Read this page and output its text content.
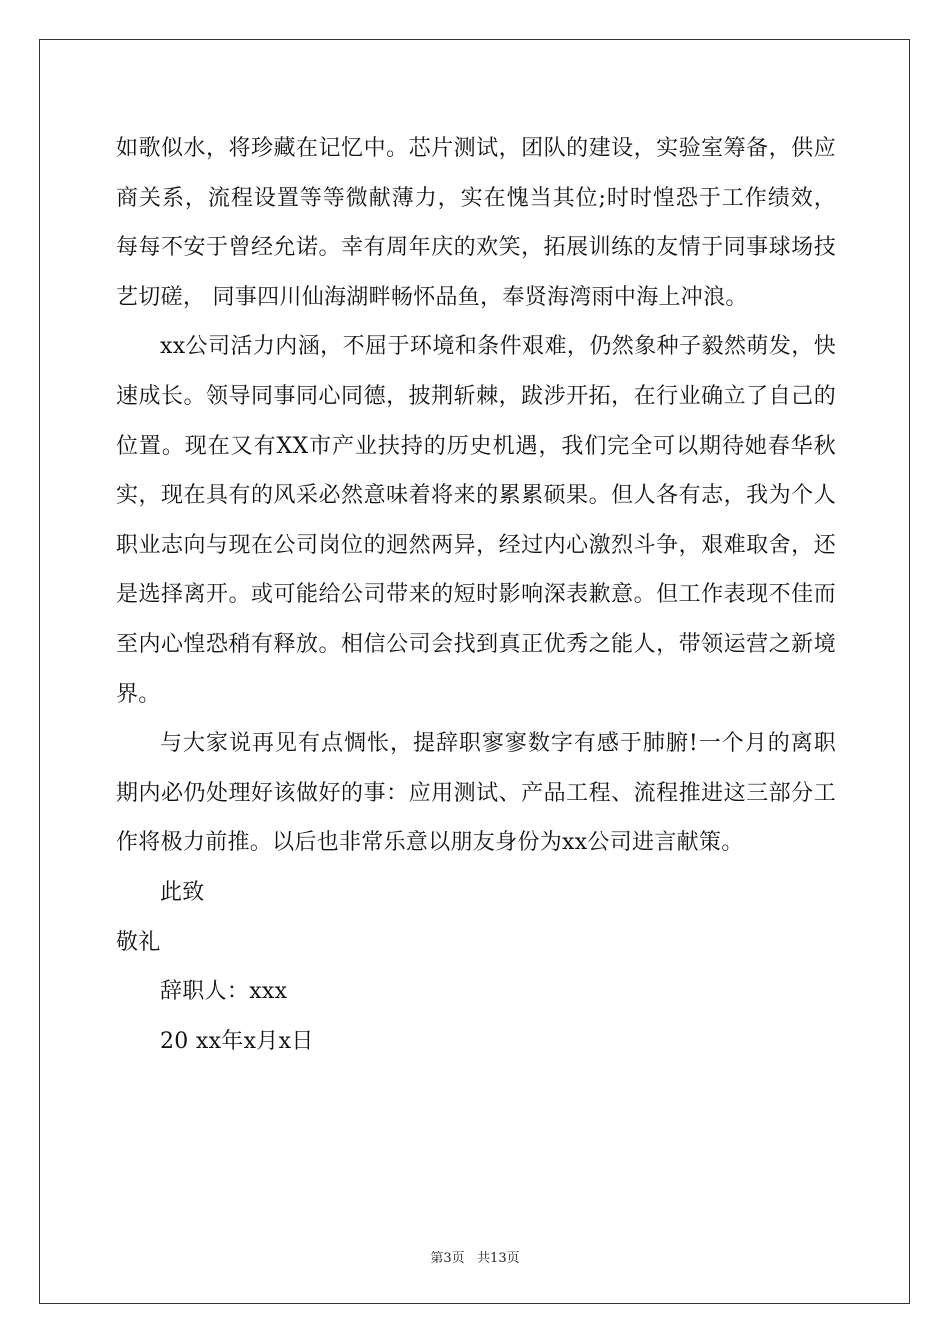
如歌似水，将珍藏在记忆中。芯片测试，团队的建设，实验室筹备，供应商关系，流程设置等等微献薄力，实在愧当其位;时时惶恐于工作绩效，每每不安于曾经允诺。幸有周年庆的欢笑，拓展训练的友情于同事球场技艺切磋， 同事四川仙海湖畔畅怀品鱼，奉贤海湾雨中海上冲浪。

xx公司活力内涵，不屈于环境和条件艰难，仍然象种子毅然萌发，快速成长。领导同事同心同德，披荆斩棘，跋涉开拓，在行业确立了自己的位置。现在又有XX市产业扶持的历史机遇，我们完全可以期待她春华秋实，现在具有的风采必然意味着将来的累累硕果。但人各有志，我为个人职业志向与现在公司岗位的迥然两异，经过内心激烈斗争，艰难取舍，还是选择离开。或可能给公司带来的短时影响深表歉意。但工作表现不佳而至内心惶恐稍有释放。相信公司会找到真正优秀之能人，带领运营之新境界。

与大家说再见有点惆怅，提辞职寥寥数字有感于肺腑!一个月的离职期内必仍处理好该做好的事：应用测试、产品工程、流程推进这三部分工作将极力前推。以后也非常乐意以朋友身份为xx公司进言献策。

此致

敬礼

辞职人：xxx

20 xx年x月x日

第3页   共13页
